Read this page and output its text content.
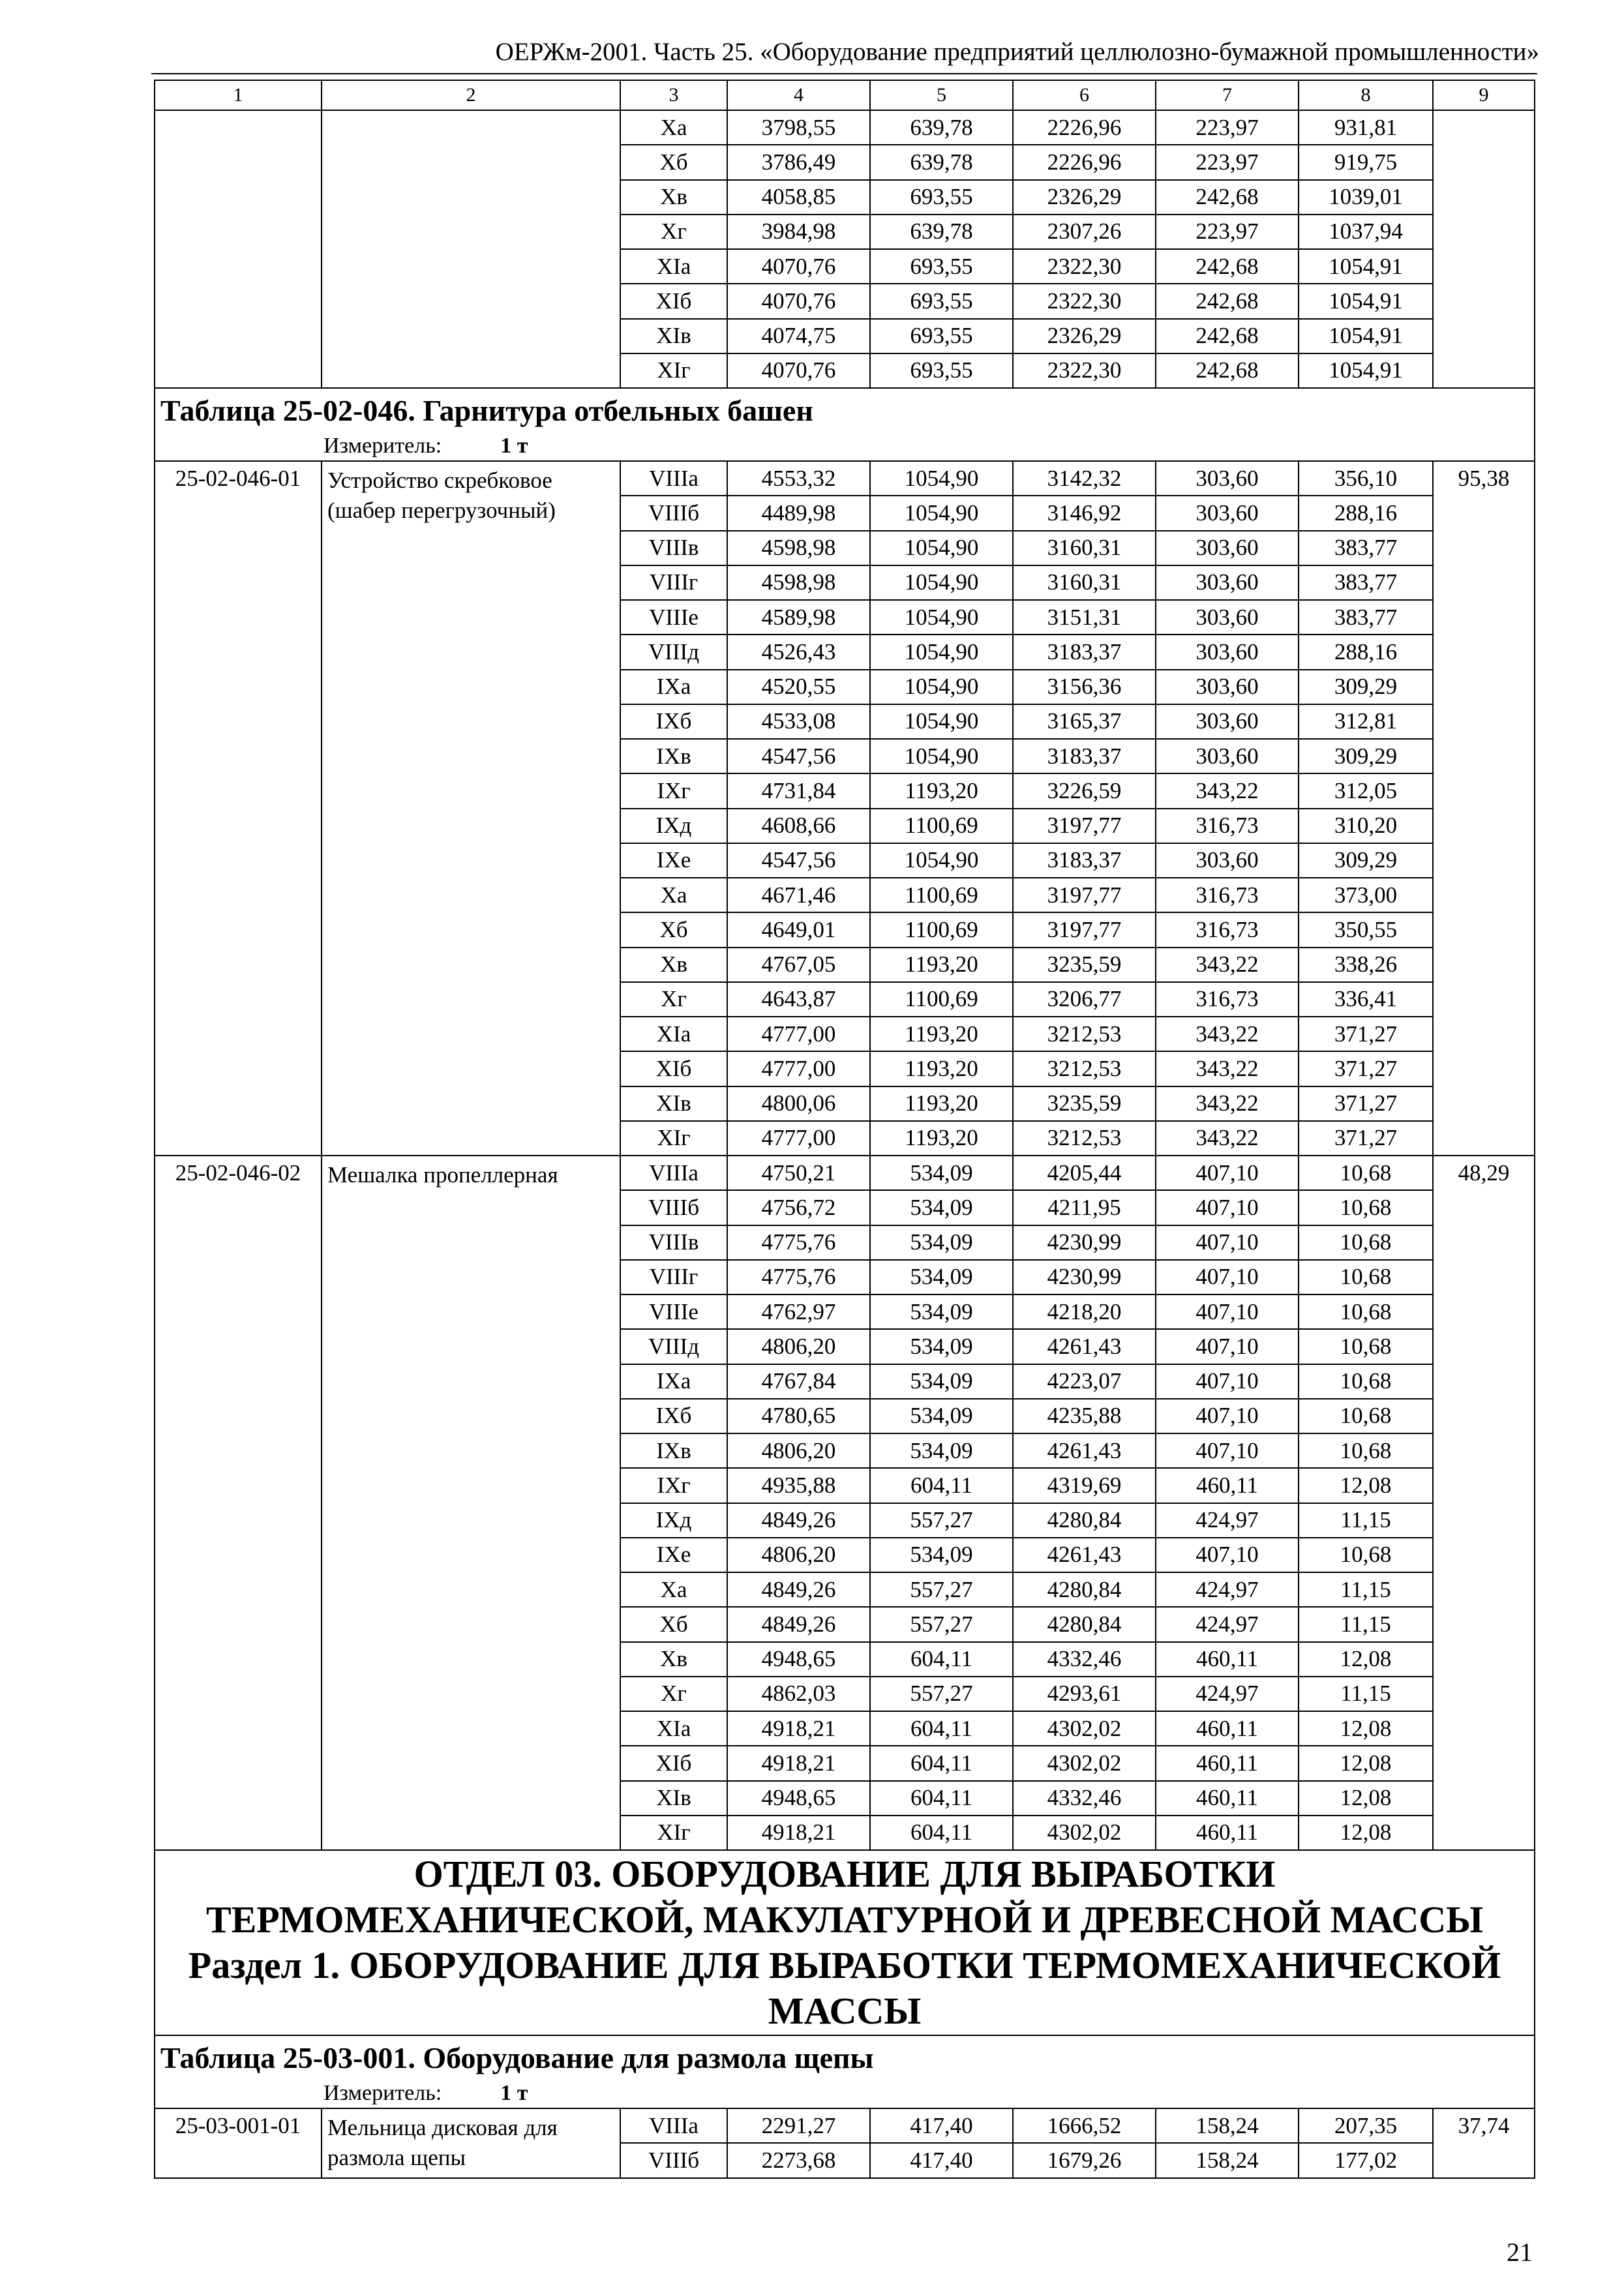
ОЕРЖм-2001. Часть 25. «Оборудование предприятий целлюлозно-бумажной промышленности»
1	2	3	4	5	6	7	8	9
		Xа	3798,55	639,78	2226,96	223,97	931,81	
		Xб	3786,49	639,78	2226,96	223,97	919,75	
		Xв	4058,85	693,55	2326,29	242,68	1039,01	
		Xг	3984,98	639,78	2307,26	223,97	1037,94	
		XIа	4070,76	693,55	2322,30	242,68	1054,91	
		XIб	4070,76	693,55	2322,30	242,68	1054,91	
		XIв	4074,75	693,55	2326,29	242,68	1054,91	
		XIг	4070,76	693,55	2322,30	242,68	1054,91	
Таблица 25-02-046. Гарнитура отбельных башен								
Измеритель: 1 т								
25-02-046-01	Устройство скребковое (шабер перегрузочный)	VIIIа	4553,32	1054,90	3142,32	303,60	356,10	95,38
		VIIIб	4489,98	1054,90	3146,92	303,60	288,16	
		VIIIв	4598,98	1054,90	3160,31	303,60	383,77	
		VIIIг	4598,98	1054,90	3160,31	303,60	383,77	
		VIIIе	4589,98	1054,90	3151,31	303,60	383,77	
		VIIIд	4526,43	1054,90	3183,37	303,60	288,16	
		IXа	4520,55	1054,90	3156,36	303,60	309,29	
		IXб	4533,08	1054,90	3165,37	303,60	312,81	
		IXв	4547,56	1054,90	3183,37	303,60	309,29	
		IXг	4731,84	1193,20	3226,59	343,22	312,05	
		IXд	4608,66	1100,69	3197,77	316,73	310,20	
		IXе	4547,56	1054,90	3183,37	303,60	309,29	
		Xа	4671,46	1100,69	3197,77	316,73	373,00	
		Xб	4649,01	1100,69	3197,77	316,73	350,55	
		Xв	4767,05	1193,20	3235,59	343,22	338,26	
		Xг	4643,87	1100,69	3206,77	316,73	336,41	
		XIа	4777,00	1193,20	3212,53	343,22	371,27	
		XIб	4777,00	1193,20	3212,53	343,22	371,27	
		XIв	4800,06	1193,20	3235,59	343,22	371,27	
		XIг	4777,00	1193,20	3212,53	343,22	371,27	
25-02-046-02	Мешалка пропеллерная	VIIIа	4750,21	534,09	4205,44	407,10	10,68	48,29
		VIIIб	4756,72	534,09	4211,95	407,10	10,68	
		VIIIв	4775,76	534,09	4230,99	407,10	10,68	
		VIIIг	4775,76	534,09	4230,99	407,10	10,68	
		VIIIе	4762,97	534,09	4218,20	407,10	10,68	
		VIIIд	4806,20	534,09	4261,43	407,10	10,68	
		IXа	4767,84	534,09	4223,07	407,10	10,68	
		IXб	4780,65	534,09	4235,88	407,10	10,68	
		IXв	4806,20	534,09	4261,43	407,10	10,68	
		IXг	4935,88	604,11	4319,69	460,11	12,08	
		IXд	4849,26	557,27	4280,84	424,97	11,15	
		IXе	4806,20	534,09	4261,43	407,10	10,68	
		Xа	4849,26	557,27	4280,84	424,97	11,15	
		Xб	4849,26	557,27	4280,84	424,97	11,15	
		Xв	4948,65	604,11	4332,46	460,11	12,08	
		Xг	4862,03	557,27	4293,61	424,97	11,15	
		XIа	4918,21	604,11	4302,02	460,11	12,08	
		XIб	4918,21	604,11	4302,02	460,11	12,08	
		XIв	4948,65	604,11	4332,46	460,11	12,08	
		XIг	4918,21	604,11	4302,02	460,11	12,08	

ОТДЕЛ 03. ОБОРУДОВАНИЕ ДЛЯ ВЫРАБОТКИ ТЕРМОМЕХАНИЧЕСКОЙ, МАКУЛАТУРНОЙ И ДРЕВЕСНОЙ МАССЫ
Раздел 1. ОБОРУДОВАНИЕ ДЛЯ ВЫРАБОТКИ ТЕРМОМЕХАНИЧЕСКОЙ МАССЫ								

Таблица 25-03-001. Оборудование для размола щепы								
Измеритель: 1 т								
25-03-001-01	Мельница дисковая для размола щепы	VIIIа	2291,27	417,40	1666,52	158,24	207,35	37,74
		VIIIб	2273,68	417,40	1679,26	158,24	177,02	
21
